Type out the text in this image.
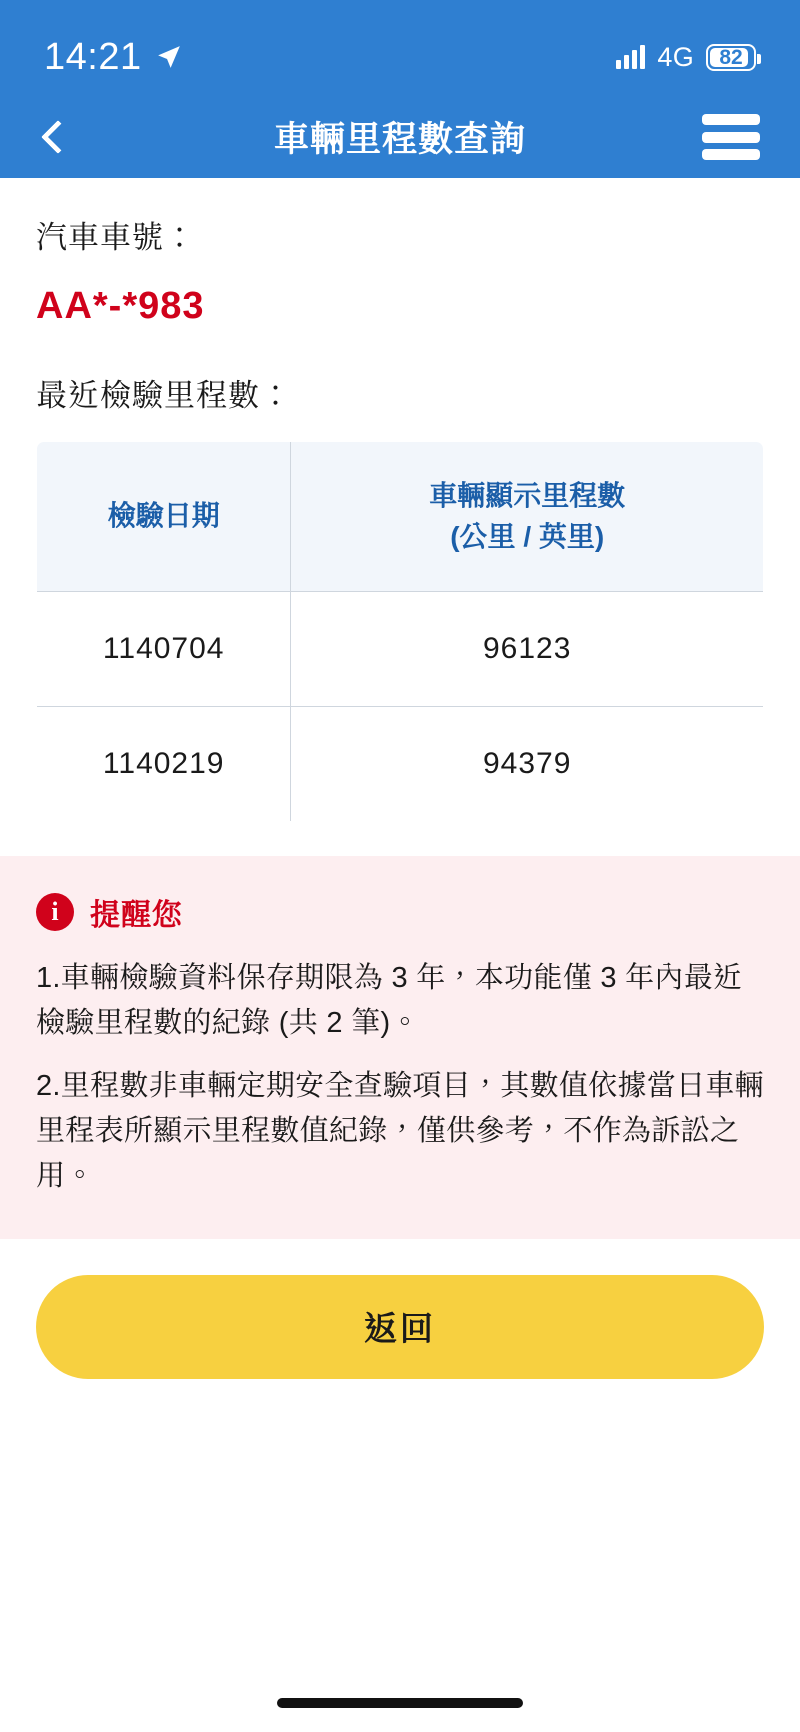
14:21	4G 82
車輛里程數查詢
汽車車號：
AA*-*983
最近檢驗里程數：
檢驗日期	車輛顯示里程數
(公里 / 英里)

1140704	96123
1140219	94379
i	提醒您
1.車輛檢驗資料保存期限為 3 年，本功能僅 3 年內最近檢驗里程數的紀錄 (共 2 筆)。
2.里程數非車輛定期安全查驗項目，其數值依據當日車輛里程表所顯示里程數值紀錄，僅供參考，不作為訴訟之用。
返回
